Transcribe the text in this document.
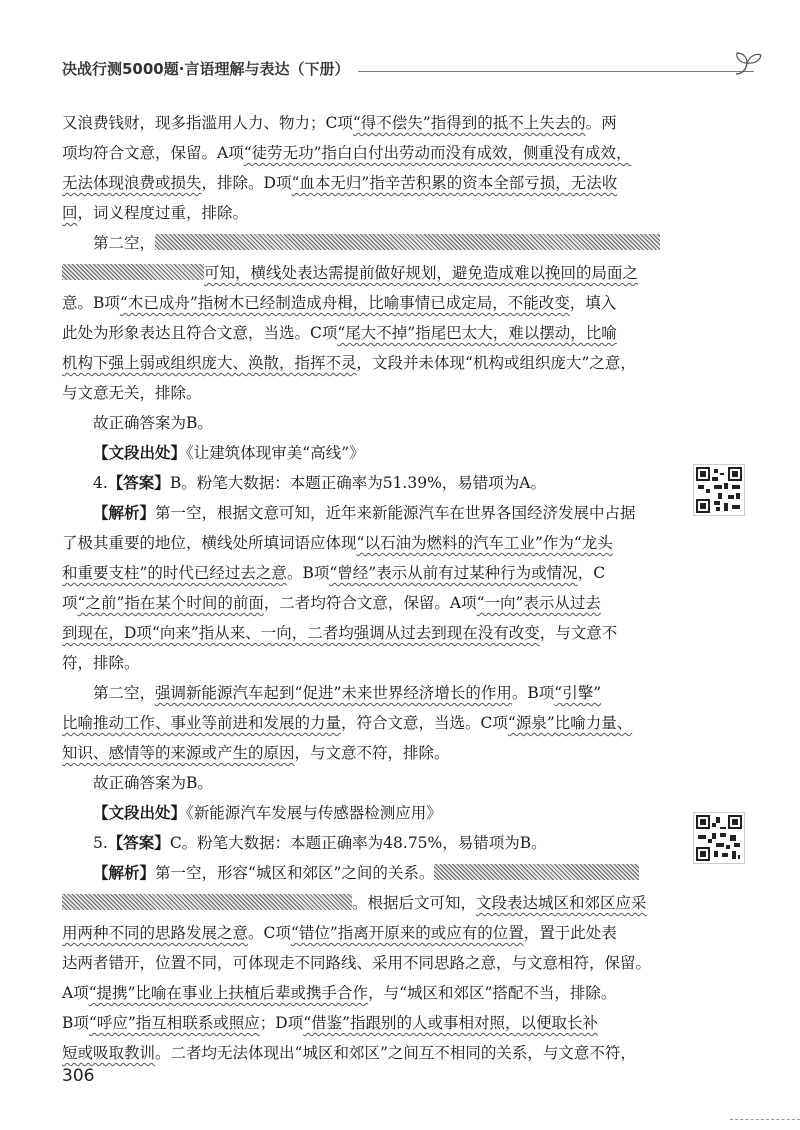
决战行测5000题·言语理解与表达（下册）
又浪费钱财，现多指滥用人力、物力；C项“得不偿失”指得到的抵不上失去的。两
项均符合文意，保留。A项“徒劳无功”指白白付出劳动而没有成效，侧重没有成效，
无法体现浪费或损失，排除。D项“血本无归”指辛苦积累的资本全部亏损，无法收
回，词义程度过重，排除。
第二空，
可知，横线处表达需提前做好规划，避免造成难以挽回的局面之
意。B项“木已成舟”指树木已经制造成舟楫，比喻事情已成定局，不能改变，填入
此处为形象表达且符合文意，当选。C项“尾大不掉”指尾巴太大，难以摆动，比喻
机构下强上弱或组织庞大、涣散，指挥不灵，文段并未体现“机构或组织庞大”之意，
与文意无关，排除。
故正确答案为B。
【文段出处】《让建筑体现审美“高线”》
4.【答案】B。粉笔大数据：本题正确率为51.39%，易错项为A。
【解析】第一空，根据文意可知，近年来新能源汽车在世界各国经济发展中占据
了极其重要的地位，横线处所填词语应体现“以石油为燃料的汽车工业”作为“龙头
和重要支柱”的时代已经过去之意。B项“曾经”表示从前有过某种行为或情况，C
项“之前”指在某个时间的前面，二者均符合文意，保留。A项“一向”表示从过去
到现在，D项“向来”指从来、一向，二者均强调从过去到现在没有改变，与文意不
符，排除。
第二空，强调新能源汽车起到“促进”未来世界经济增长的作用。B项“引擎”
比喻推动工作、事业等前进和发展的力量，符合文意，当选。C项“源泉”比喻力量、
知识、感情等的来源或产生的原因，与文意不符，排除。
故正确答案为B。
【文段出处】《新能源汽车发展与传感器检测应用》
5.【答案】C。粉笔大数据：本题正确率为48.75%，易错项为B。
【解析】第一空，形容“城区和郊区”之间的关系。
。根据后文可知，文段表达城区和郊区应采
用两种不同的思路发展之意。C项“错位”指离开原来的或应有的位置，置于此处表
达两者错开，位置不同，可体现走不同路线、采用不同思路之意，与文意相符，保留。
A项“提携”比喻在事业上扶植后辈或携手合作，与“城区和郊区”搭配不当，排除。
B项“呼应”指互相联系或照应；D项“借鉴”指跟别的人或事相对照，以便取长补
短或吸取教训。二者均无法体现出“城区和郊区”之间互不相同的关系，与文意不符，
306
